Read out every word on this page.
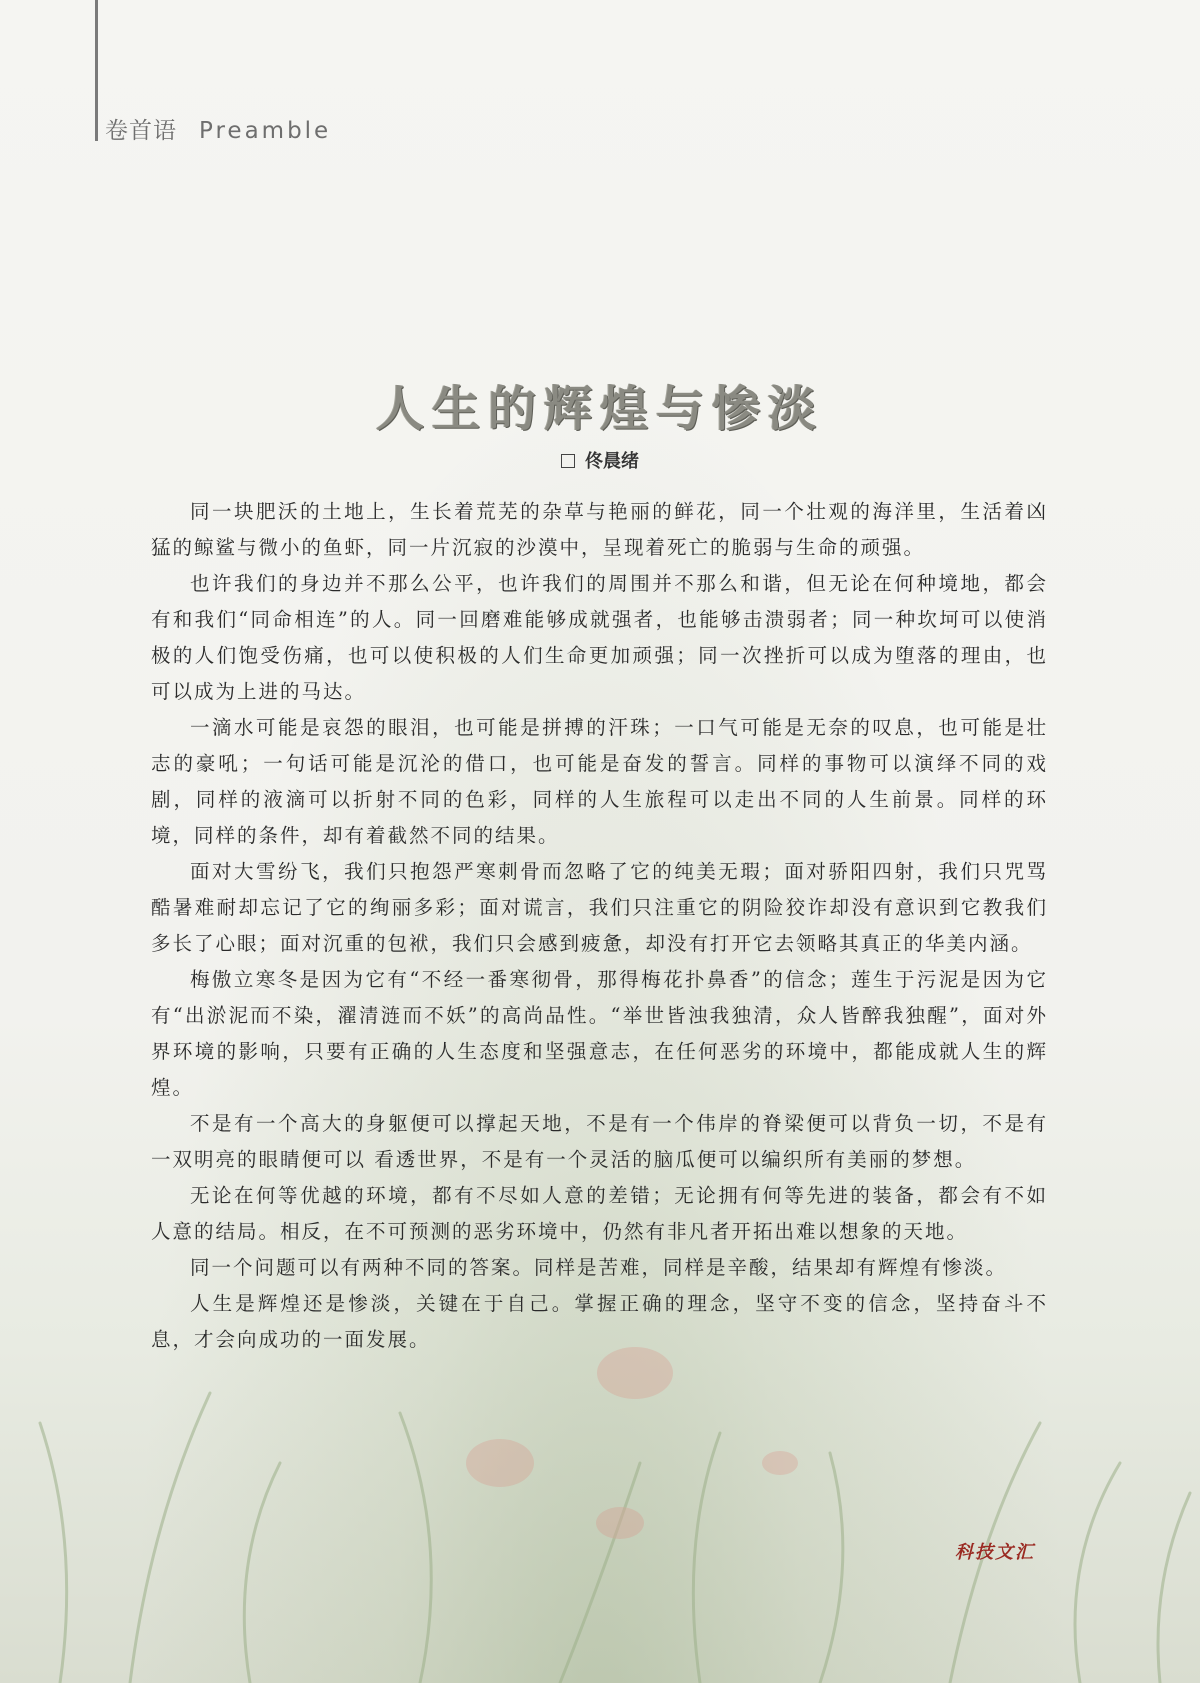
卷首语 Preamble
人生的辉煌与惨淡
佟晨绪

同一块肥沃的土地上，生长着荒芜的杂草与艳丽的鲜花，同一个壮观的海洋里，生活着凶猛的鲸鲨与微小的鱼虾，同一片沉寂的沙漠中，呈现着死亡的脆弱与生命的顽强。

也许我们的身边并不那么公平，也许我们的周围并不那么和谐，但无论在何种境地，都会有和我们“同命相连”的人。同一回磨难能够成就强者，也能够击溃弱者；同一种坎坷可以使消极的人们饱受伤痛，也可以使积极的人们生命更加顽强；同一次挫折可以成为堕落的理由，也可以成为上进的马达。

一滴水可能是哀怨的眼泪，也可能是拼搏的汗珠；一口气可能是无奈的叹息，也可能是壮志的豪吼；一句话可能是沉沦的借口，也可能是奋发的誓言。同样的事物可以演绎不同的戏剧，同样的液滴可以折射不同的色彩，同样的人生旅程可以走出不同的人生前景。同样的环境，同样的条件，却有着截然不同的结果。

面对大雪纷飞，我们只抱怨严寒刺骨而忽略了它的纯美无瑕；面对骄阳四射，我们只咒骂酷暑难耐却忘记了它的绚丽多彩；面对谎言，我们只注重它的阴险狡诈却没有意识到它教我们多长了心眼；面对沉重的包袱，我们只会感到疲惫，却没有打开它去领略其真正的华美内涵。

梅傲立寒冬是因为它有“不经一番寒彻骨，那得梅花扑鼻香”的信念；莲生于污泥是因为它有“出淤泥而不染，濯清涟而不妖”的高尚品性。“举世皆浊我独清，众人皆醉我独醒”，面对外界环境的影响，只要有正确的人生态度和坚强意志，在任何恶劣的环境中，都能成就人生的辉煌。

不是有一个高大的身躯便可以撑起天地，不是有一个伟岸的脊梁便可以背负一切，不是有一双明亮的眼睛便可以 看透世界，不是有一个灵活的脑瓜便可以编织所有美丽的梦想。

无论在何等优越的环境，都有不尽如人意的差错；无论拥有何等先进的装备，都会有不如人意的结局。相反，在不可预测的恶劣环境中，仍然有非凡者开拓出难以想象的天地。

同一个问题可以有两种不同的答案。同样是苦难，同样是辛酸，结果却有辉煌有惨淡。

人生是辉煌还是惨淡，关键在于自己。掌握正确的理念，坚守不变的信念，坚持奋斗不息，才会向成功的一面发展。

科技文汇
